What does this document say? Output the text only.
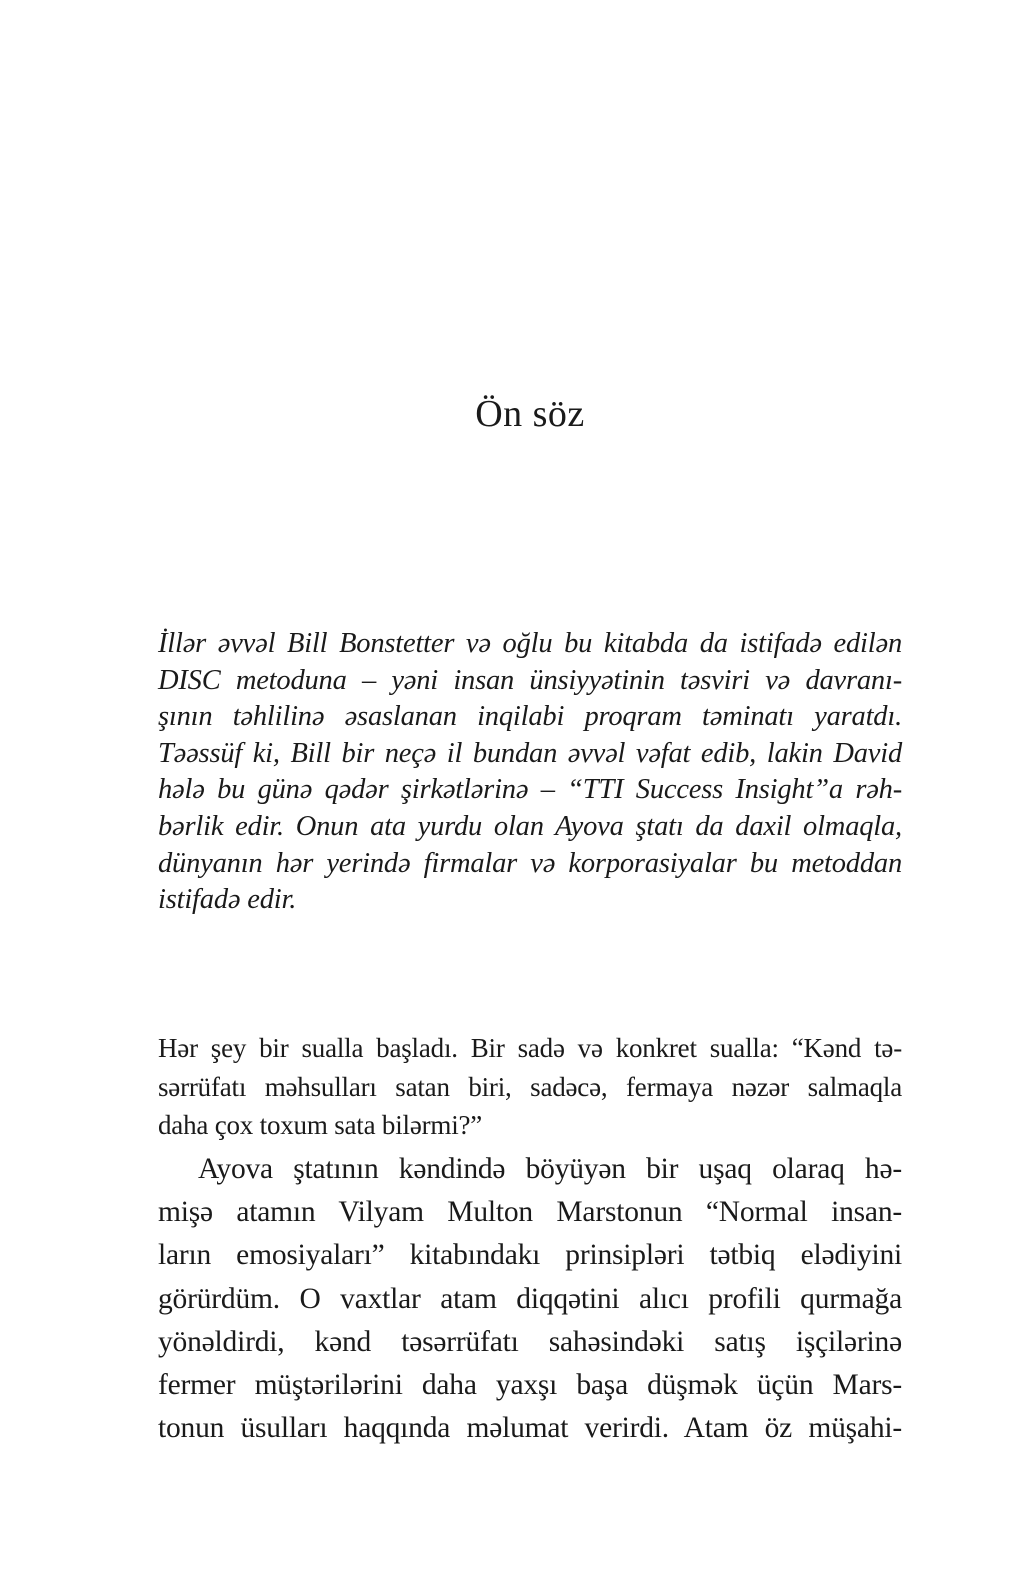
Ön söz

İllər əvvəl Bill Bonstetter və oğlu bu kitabda da istifadə edilən
DISC metoduna – yəni insan ünsiyyətinin təsviri və davranı-
şının təhlilinə əsaslanan inqilabi proqram təminatı yaratdı.
Təəssüf ki, Bill bir neçə il bundan əvvəl vəfat edib, lakin David
hələ bu günə qədər şirkətlərinə – “TTI Success Insight”a rəh-
bərlik edir. Onun ata yurdu olan Ayova ştatı da daxil olmaqla,
dünyanın hər yerində firmalar və korporasiyalar bu metoddan
istifadə edir.

Hər şey bir sualla başladı. Bir sadə və konkret sualla: “Kənd tə-
sərrüfatı məhsulları satan biri, sadəcə, fermaya nəzər salmaqla
daha çox toxum sata bilərmi?”

Ayova ştatının kəndində böyüyən bir uşaq olaraq hə-
mişə atamın Vilyam Multon Marstonun “Normal insan-
ların emosiyaları” kitabındakı prinsipləri tətbiq elədiyini
görürdüm. O vaxtlar atam diqqətini alıcı profili qurmağa
yönəldirdi, kənd təsərrüfatı sahəsindəki satış işçilərinə
fermer müştərilərini daha yaxşı başa düşmək üçün Mars-
tonun üsulları haqqında məlumat verirdi. Atam öz müşahi-
